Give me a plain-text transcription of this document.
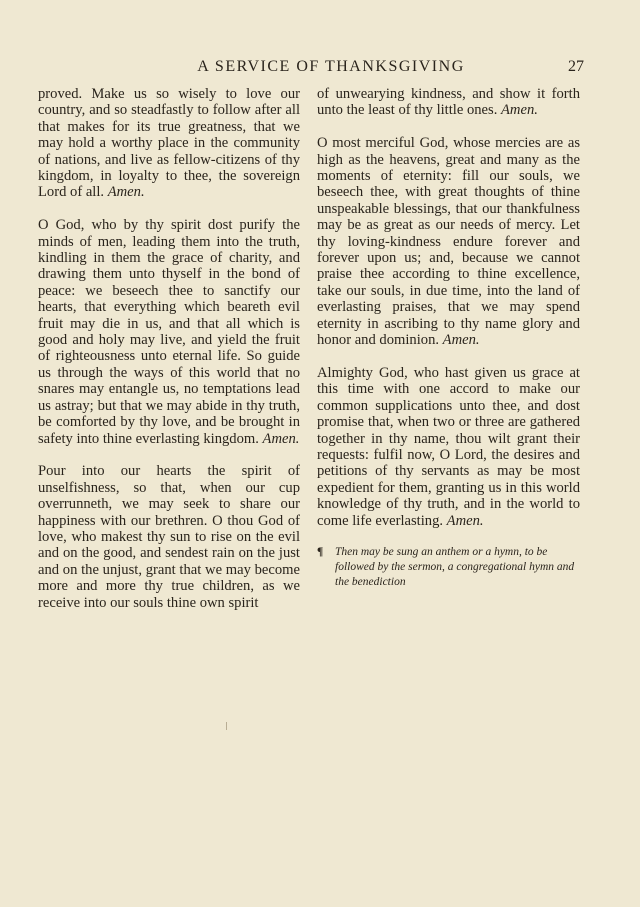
A SERVICE OF THANKSGIVING	27

proved. Make us so wisely to love our country, and so steadfastly to follow after all that makes for its true greatness, that we may hold a worthy place in the community of nations, and live as fellow-citizens of thy kingdom, in loyalty to thee, the sovereign Lord of all. Amen.

O God, who by thy spirit dost purify the minds of men, leading them into the truth, kindling in them the grace of charity, and drawing them unto thyself in the bond of peace: we beseech thee to sanctify our hearts, that everything which beareth evil fruit may die in us, and that all which is good and holy may live, and yield the fruit of righteousness unto eternal life. So guide us through the ways of this world that no snares may entangle us, no temptations lead us astray; but that we may abide in thy truth, be comforted by thy love, and be brought in safety into thine everlasting kingdom. Amen.

Pour into our hearts the spirit of unselfishness, so that, when our cup overrunneth, we may seek to share our happiness with our brethren. O thou God of love, who makest thy sun to rise on the evil and on the good, and sendest rain on the just and on the unjust, grant that we may become more and more thy true children, as we receive into our souls thine own spirit

of unwearying kindness, and show it forth unto the least of thy little ones. Amen.

O most merciful God, whose mercies are as high as the heavens, great and many as the moments of eternity: fill our souls, we beseech thee, with great thoughts of thine unspeakable blessings, that our thankfulness may be as great as our needs of mercy. Let thy loving-kindness endure forever and forever upon us; and, because we cannot praise thee according to thine excellence, take our souls, in due time, into the land of everlasting praises, that we may spend eternity in ascribing to thy name glory and honor and dominion. Amen.

Almighty God, who hast given us grace at this time with one accord to make our common supplications unto thee, and dost promise that, when two or three are gathered together in thy name, thou wilt grant their requests: fulfil now, O Lord, the desires and petitions of thy servants as may be most expedient for them, granting us in this world knowledge of thy truth, and in the world to come life everlasting. Amen.

¶ Then may be sung an anthem or a hymn, to be followed by the sermon, a congregational hymn and the benediction
